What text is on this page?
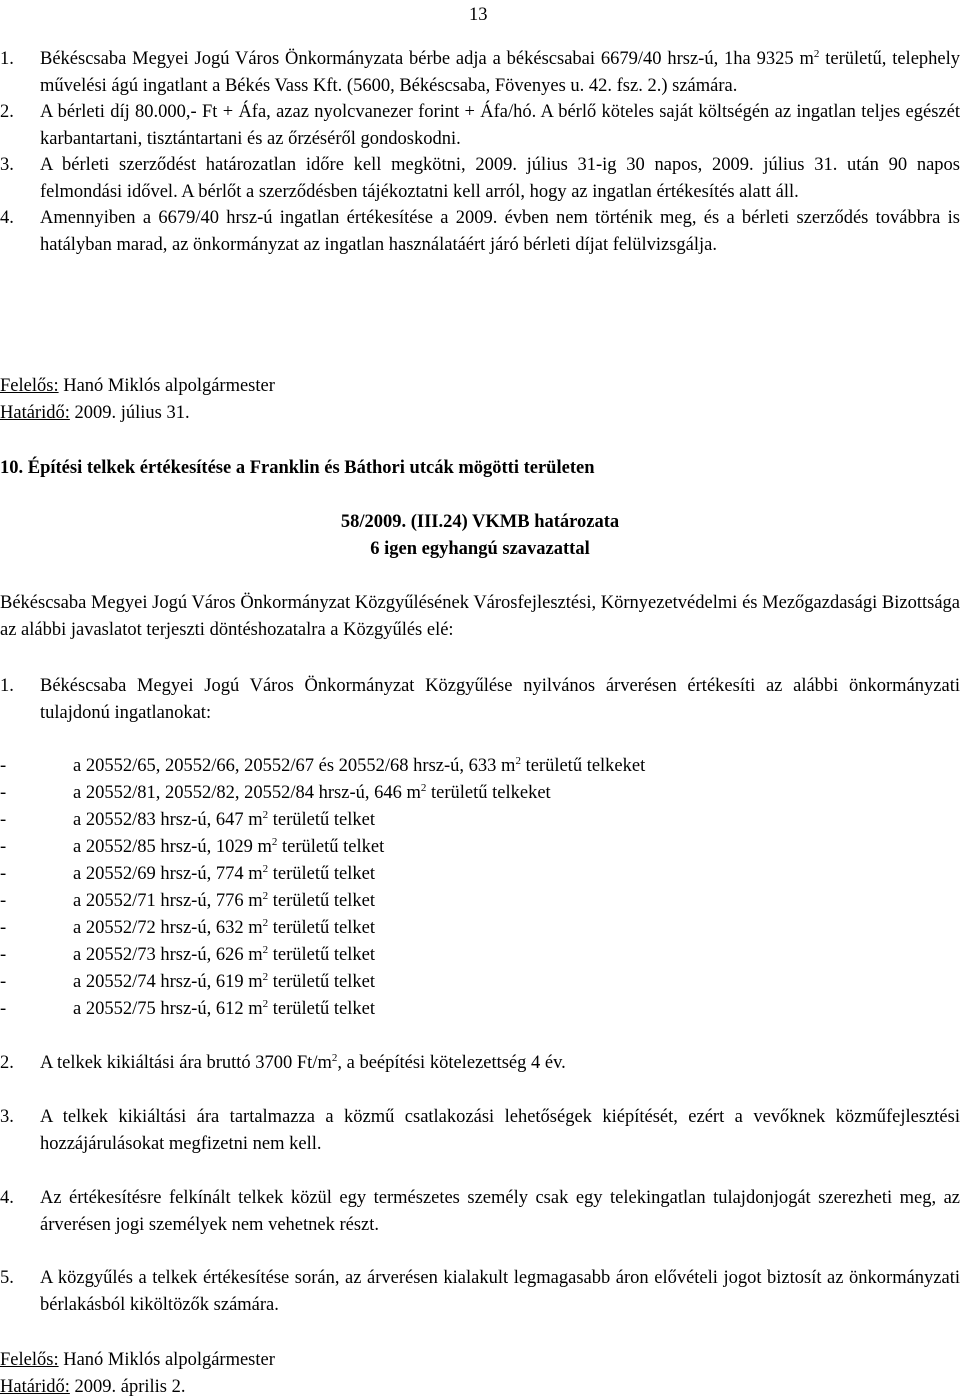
13
1.	Békéscsaba Megyei Jogú Város Önkormányzata bérbe adja a békéscsabai 6679/40 hrsz-ú, 1ha 9325 $m^2$ területű, telephely művelési ágú ingatlant a Békés Vass Kft. (5600, Békéscsaba, Fövenyes u. 42. fsz. 2.) számára.
2.	A bérleti díj 80.000,- Ft + Áfa, azaz nyolcvanezer forint + Áfa/hó. A bérlő köteles saját költségén az ingatlan teljes egészét karbantartani, tisztántartani és az őrzéséről gondoskodni.
3.	A bérleti szerződést határozatlan időre kell megkötni, 2009. július 31-ig 30 napos, 2009. július 31. után 90 napos felmondási idővel. A bérlőt a szerződésben tájékoztatni kell arról, hogy az ingatlan értékesítés alatt áll.
4.	Amennyiben a 6679/40 hrsz-ú ingatlan értékesítése a 2009. évben nem történik meg, és a bérleti szerződés továbbra is hatályban marad, az önkormányzat az ingatlan használatáért járó bérleti díjat felülvizsgálja.

Felelős: Hanó Miklós alpolgármester

Határidő: 2009. július 31.

10. Építési telkek értékesítése a Franklin és Báthori utcák mögötti területen

58/2009. (III.24) VKMB határozata

6 igen egyhangú szavazattal

Békéscsaba Megyei Jogú Város Önkormányzat Közgyűlésének Városfejlesztési, Környezetvédelmi és Mezőgazdasági Bizottsága az alábbi javaslatot terjeszti döntéshozatalra a Közgyűlés elé:

1.	Békéscsaba Megyei Jogú Város Önkormányzat Közgyűlése nyilvános árverésen értékesíti az alábbi önkormányzati tulajdonú ingatlanokat:
-	a 20552/65, 20552/66, 20552/67 és 20552/68 hrsz-ú, 633 $m^2$ területű telkeket
-	a 20552/81, 20552/82, 20552/84 hrsz-ú, 646 $m^2$ területű telkeket
-	a 20552/83 hrsz-ú, 647 $m^2$ területű telket
-	a 20552/85 hrsz-ú, 1029 $m^2$ területű telket
-	a 20552/69 hrsz-ú, 774 $m^2$ területű telket
-	a 20552/71 hrsz-ú, 776 $m^2$ területű telket
-	a 20552/72 hrsz-ú, 632 $m^2$ területű telket
-	a 20552/73 hrsz-ú, 626 $m^2$ területű telket
-	a 20552/74 hrsz-ú, 619 $m^2$ területű telket
-	a 20552/75 hrsz-ú, 612 $m^2$ területű telket
2.	A telkek kikiáltási ára bruttó 3700 $Ft/m^2$, a beépítési kötelezettség 4 év.
3.	A telkek kikiáltási ára tartalmazza a közmű csatlakozási lehetőségek kiépítését, ezért a vevőknek közműfejlesztési hozzájárulásokat megfizetni nem kell.
4.	Az értékesítésre felkínált telkek közül egy természetes személy csak egy telekingatlan tulajdonjogát szerezheti meg, az árverésen jogi személyek nem vehetnek részt.
5.	A közgyűlés a telkek értékesítése során, az árverésen kialakult legmagasabb áron elővételi jogot biztosít az önkormányzati bérlakásból kiköltözők számára.

Felelős: Hanó Miklós alpolgármester

Határidő: 2009. április 2.
